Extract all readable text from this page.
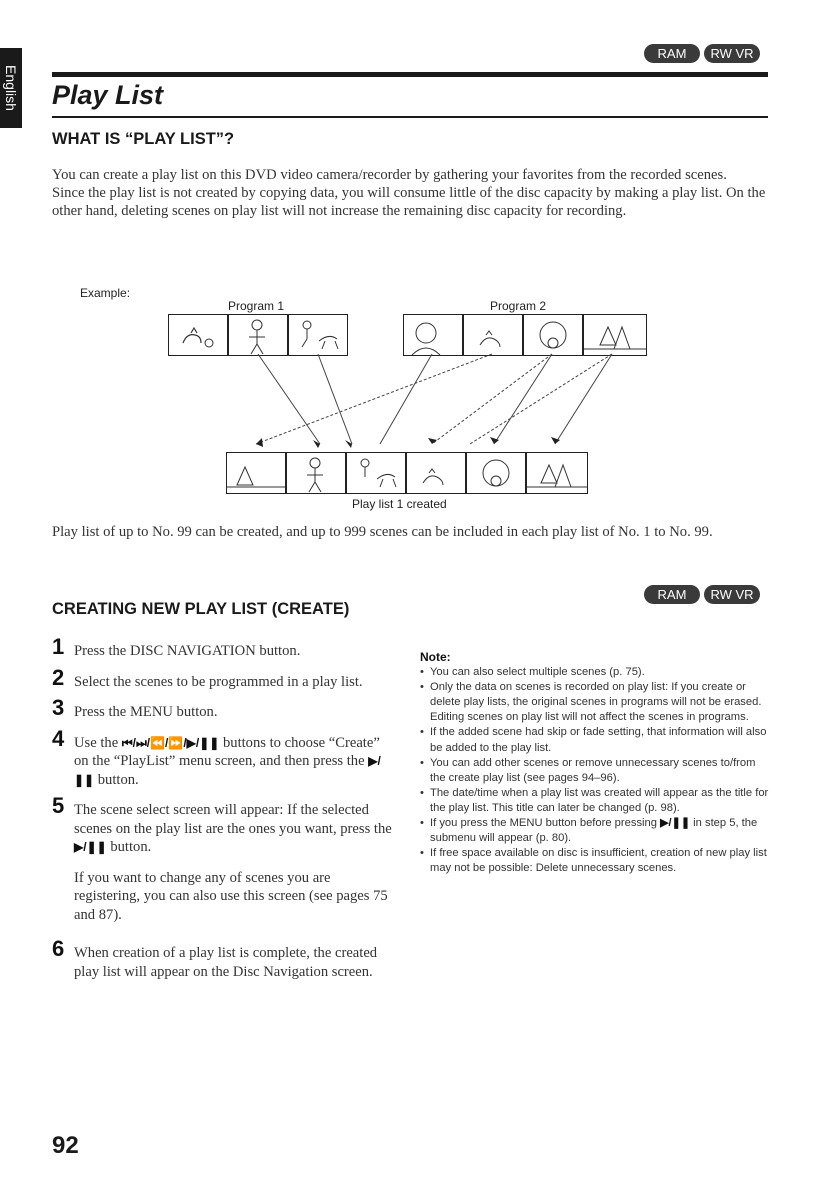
English
RAM	RW VR
Play List
WHAT IS “PLAY LIST”?

You can create a play list on this DVD video camera/recorder by gathering your favorites from the recorded scenes.

Since the play list is not created by copying data, you will consume little of the disc capacity by making a play list. On the other hand, deleting scenes on play list will not increase the remaining disc capacity for recording.

Example:
Program 1	Program 2
Play list 1 created
Play list of up to No. 99 can be created, and up to 999 scenes can be included in each play list of No. 1 to No. 99.
CREATING NEW PLAY LIST (CREATE)
RAM	RW VR
1 Press the DISC NAVIGATION button.
2 Select the scenes to be programmed in a play list.
3 Press the MENU button.
4 Use the ⏮/⏭/⏪/⏩/▶/❚❚ buttons to choose “Create” on the “PlayList” menu screen, and then press the ▶/❚❚ button.
5 The scene select screen will appear: If the selected scenes on the play list are the ones you want, press the ▶/❚❚ button.
If you want to change any of scenes you are registering, you can also use this screen (see pages 75 and 87).
6 When creation of a play list is complete, the created play list will appear on the Disc Navigation screen.
Note:
• You can also select multiple scenes (p. 75).
• Only the data on scenes is recorded on play list: If you create or delete play lists, the original scenes in programs will not be erased.
Editing scenes on play list will not affect the scenes in programs.
• If the added scene had skip or fade setting, that information will also be added to the play list.
• You can add other scenes or remove unnecessary scenes to/from the create play list (see pages 94–96).
• The date/time when a play list was created will appear as the title for the play list. This title can later be changed (p. 98).
• If you press the MENU button before pressing ▶/❚❚ in step 5, the submenu will appear (p. 80).
• If free space available on disc is insufficient, creation of new play list may not be possible: Delete unnecessary scenes.
92
